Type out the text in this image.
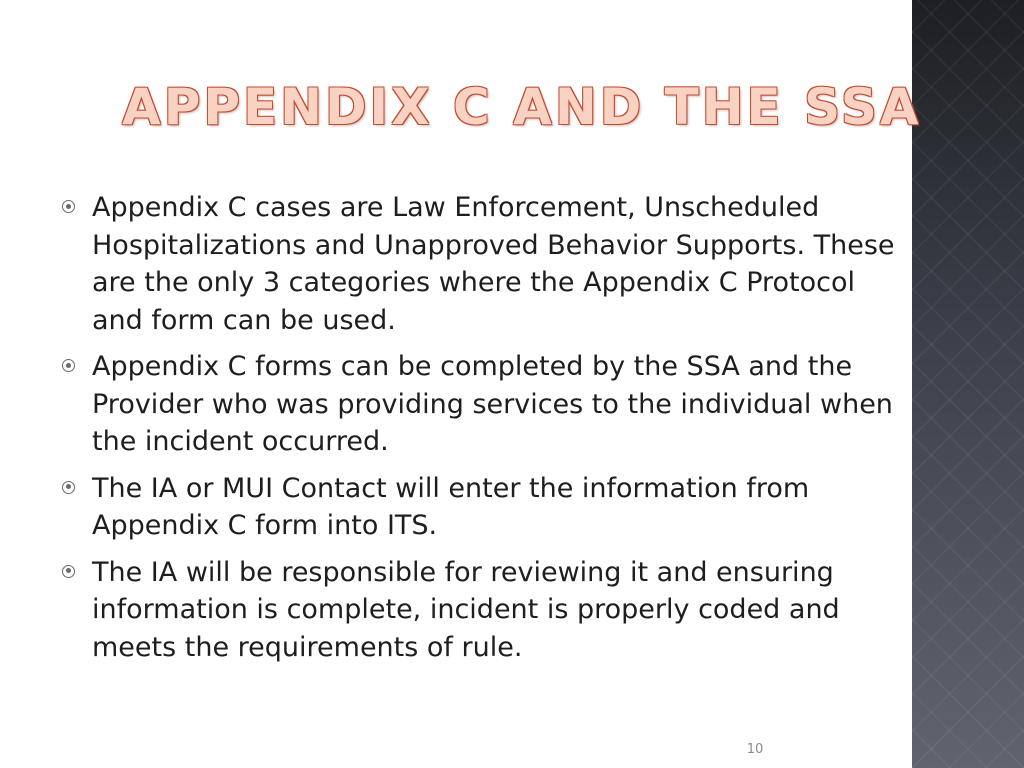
APPENDIX C AND THE SSA
Appendix C cases are Law Enforcement, Unscheduled Hospitalizations and Unapproved Behavior Supports. These are the only 3 categories where the Appendix C Protocol and form can be used.
Appendix C forms can be completed by the SSA and the Provider who was providing services to the individual when the incident occurred.
The IA or MUI Contact will enter the information from Appendix C form into ITS.
The IA will be responsible for reviewing it and ensuring information is complete, incident is properly coded and meets the requirements of rule.
10
